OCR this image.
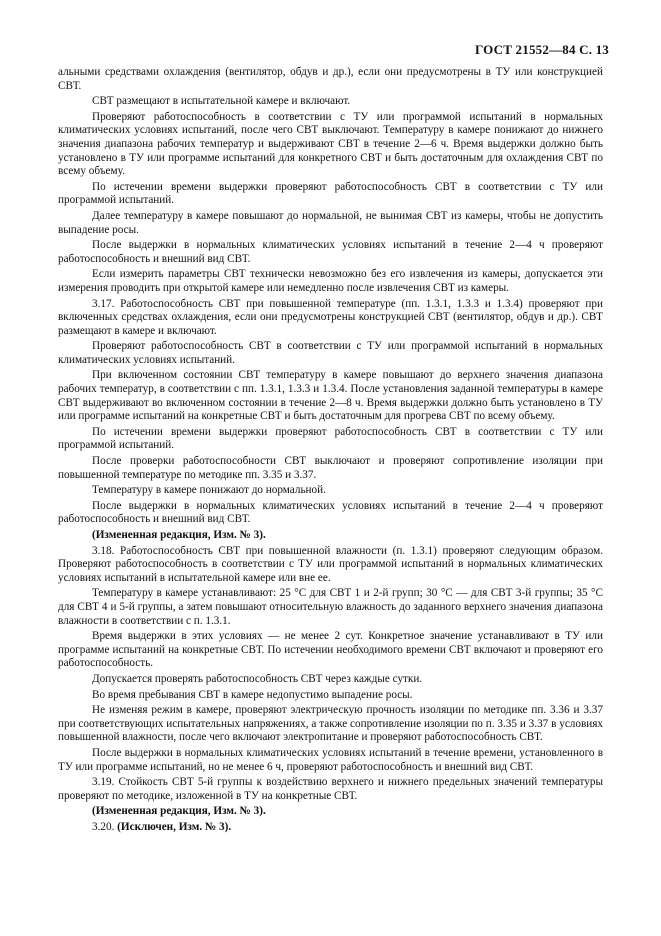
ГОСТ 21552—84 С. 13

альными средствами охлаждения (вентилятор, обдув и др.), если они предусмотрены в ТУ или конструкцией СВТ.

СВТ размещают в испытательной камере и включают.

Проверяют работоспособность в соответствии с ТУ или программой испытаний в нормальных климатических условиях испытаний, после чего СВТ выключают. Температуру в камере понижают до нижнего значения диапазона рабочих температур и выдерживают СВТ в течение 2—6 ч. Время выдержки должно быть установлено в ТУ или программе испытаний для конкретного СВТ и быть достаточным для охлаждения СВТ по всему объему.

По истечении времени выдержки проверяют работоспособность СВТ в соответствии с ТУ или программой испытаний.

Далее температуру в камере повышают до нормальной, не вынимая СВТ из камеры, чтобы не допустить выпадение росы.

После выдержки в нормальных климатических условиях испытаний в течение 2—4 ч проверяют работоспособность и внешний вид СВТ.

Если измерить параметры СВТ технически невозможно без его извлечения из камеры, допускается эти измерения проводить при открытой камере или немедленно после извлечения СВТ из камеры.

3.17. Работоспособность СВТ при повышенной температуре (пп. 1.3.1, 1.3.3 и 1.3.4) проверяют при включенных средствах охлаждения, если они предусмотрены конструкцией СВТ (вентилятор, обдув и др.). СВТ размещают в камере и включают.

Проверяют работоспособность СВТ в соответствии с ТУ или программой испытаний в нормальных климатических условиях испытаний.

При включенном состоянии СВТ температуру в камере повышают до верхнего значения диапазона рабочих температур, в соответствии с пп. 1.3.1, 1.3.3 и 1.3.4. После установления заданной температуры в камере СВТ выдерживают во включенном состоянии в течение 2—8 ч. Время выдержки должно быть установлено в ТУ или программе испытаний на конкретные СВТ и быть достаточным для прогрева СВТ по всему объему.

По истечении времени выдержки проверяют работоспособность СВТ в соответствии с ТУ или программой испытаний.

После проверки работоспособности СВТ выключают и проверяют сопротивление изоляции при повышенной температуре по методике пп. 3.35 и 3.37.

Температуру в камере понижают до нормальной.

После выдержки в нормальных климатических условиях испытаний в течение 2—4 ч проверяют работоспособность и внешний вид СВТ.

(Измененная редакция, Изм. № 3).

3.18. Работоспособность СВТ при повышенной влажности (п. 1.3.1) проверяют следующим образом. Проверяют работоспособность в соответствии с ТУ или программой испытаний в нормальных климатических условиях испытаний в испытательной камере или вне ее.

Температуру в камере устанавливают: 25 °С для СВТ 1 и 2-й групп; 30 °С — для СВТ 3-й группы; 35 °С для СВТ 4 и 5-й группы, а затем повышают относительную влажность до заданного верхнего значения диапазона влажности в соответствии с п. 1.3.1.

Время выдержки в этих условиях — не менее 2 сут. Конкретное значение устанавливают в ТУ или программе испытаний на конкретные СВТ. По истечении необходимого времени СВТ включают и проверяют его работоспособность.

Допускается проверять работоспособность СВТ через каждые сутки.

Во время пребывания СВТ в камере недопустимо выпадение росы.

Не изменяя режим в камере, проверяют электрическую прочность изоляции по методике пп. 3.36 и 3.37 при соответствующих испытательных напряжениях, а также сопротивление изоляции по п. 3.35 и 3.37 в условиях повышенной влажности, после чего включают электропитание и проверяют работоспособность СВТ.

После выдержки в нормальных климатических условиях испытаний в течение времени, установленного в ТУ или программе испытаний, но не менее 6 ч, проверяют работоспособность и внешний вид СВТ.

3.19. Стойкость СВТ 5-й группы к воздействию верхнего и нижнего предельных значений температуры проверяют по методике, изложенной в ТУ на конкретные СВТ.

(Измененная редакция, Изм. № 3).

3.20. (Исключен, Изм. № 3).
